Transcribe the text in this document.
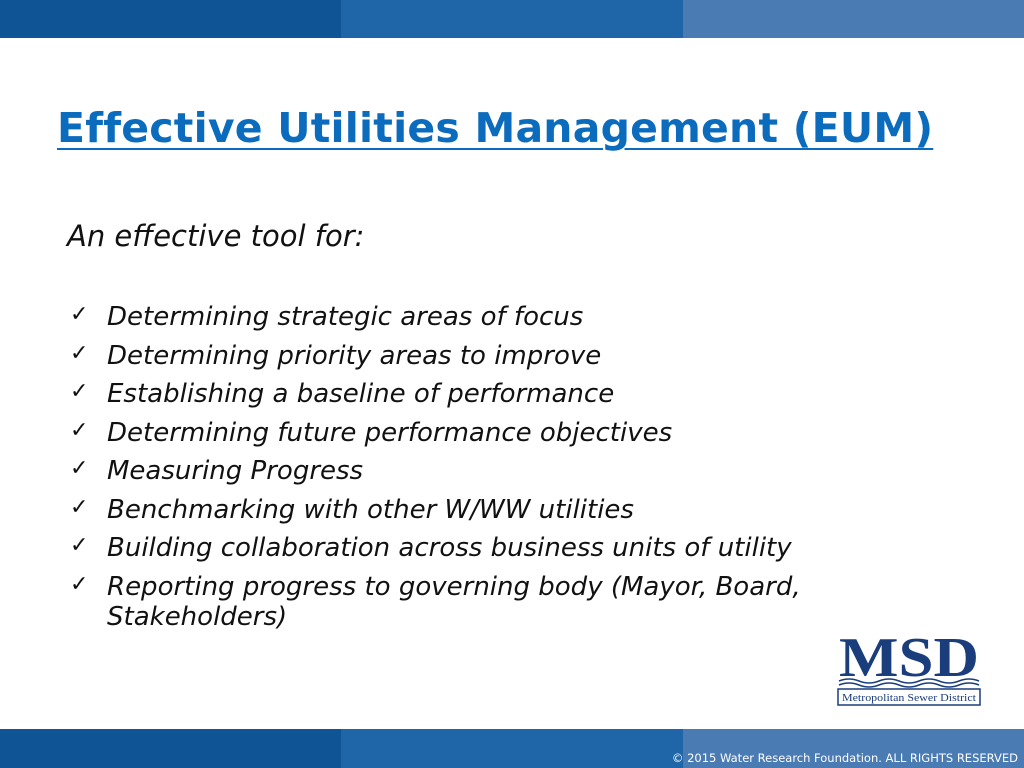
Effective Utilities Management (EUM)
An effective tool for:
✓ Determining strategic areas of focus
✓ Determining priority areas to improve
✓ Establishing a baseline of performance
✓ Determining future performance objectives
✓ Measuring Progress
✓ Benchmarking with other W/WW utilities
✓ Building collaboration across business units of utility
✓ Reporting progress to governing body (Mayor, Board, Stakeholders)
MSD
Metropolitan Sewer District
© 2015 Water Research Foundation. ALL RIGHTS RESERVED
